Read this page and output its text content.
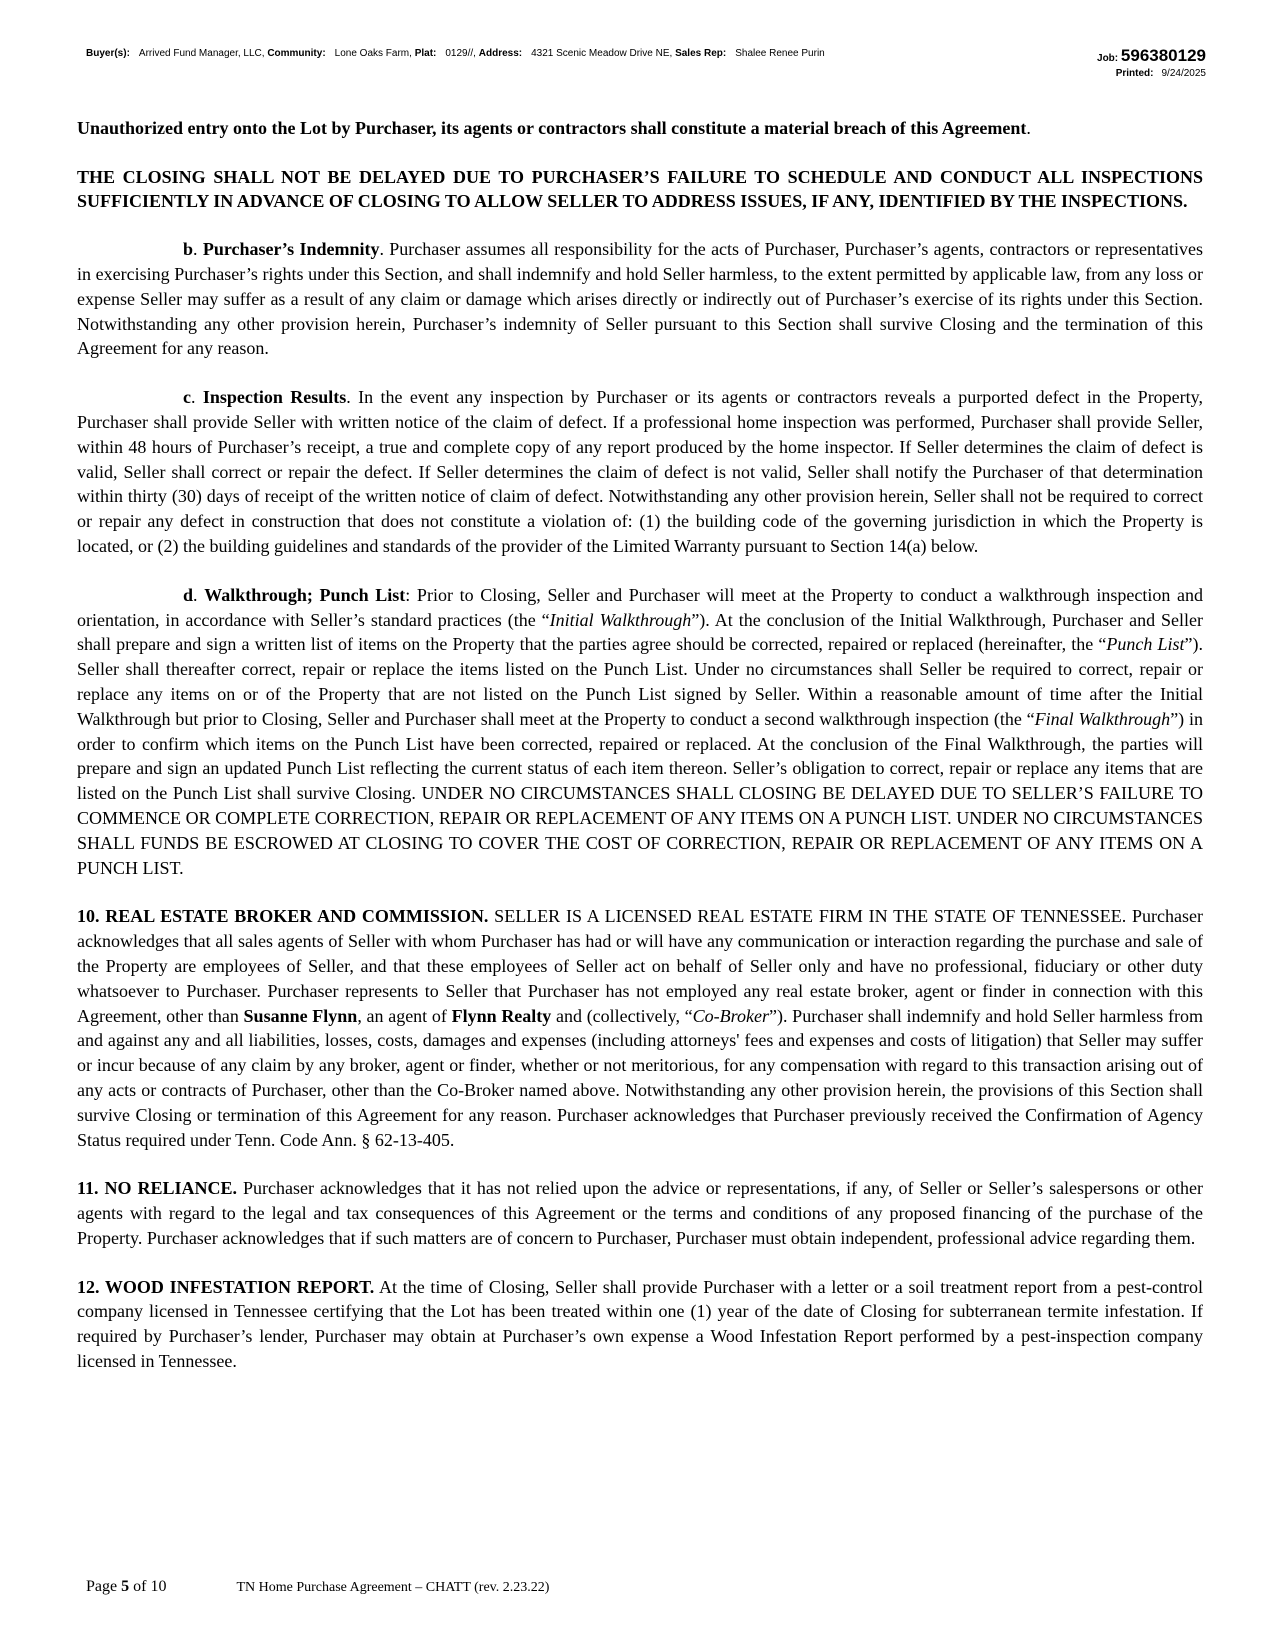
Buyer(s): Arrived Fund Manager, LLC, Community: Lone Oaks Farm, Plat: 0129//, Address: 4321 Scenic Meadow Drive NE, Sales Rep: Shalee Renee Purin	Job: 596380129
Printed: 9/24/2025

Unauthorized entry onto the Lot by Purchaser, its agents or contractors shall constitute a material breach of this Agreement.

THE CLOSING SHALL NOT BE DELAYED DUE TO PURCHASER’S FAILURE TO SCHEDULE AND CONDUCT ALL INSPECTIONS SUFFICIENTLY IN ADVANCE OF CLOSING TO ALLOW SELLER TO ADDRESS ISSUES, IF ANY, IDENTIFIED BY THE INSPECTIONS.

b. Purchaser’s Indemnity. Purchaser assumes all responsibility for the acts of Purchaser, Purchaser’s agents, contractors or representatives in exercising Purchaser’s rights under this Section, and shall indemnify and hold Seller harmless, to the extent permitted by applicable law, from any loss or expense Seller may suffer as a result of any claim or damage which arises directly or indirectly out of Purchaser’s exercise of its rights under this Section. Notwithstanding any other provision herein, Purchaser’s indemnity of Seller pursuant to this Section shall survive Closing and the termination of this Agreement for any reason.

c. Inspection Results. In the event any inspection by Purchaser or its agents or contractors reveals a purported defect in the Property, Purchaser shall provide Seller with written notice of the claim of defect. If a professional home inspection was performed, Purchaser shall provide Seller, within 48 hours of Purchaser’s receipt, a true and complete copy of any report produced by the home inspector. If Seller determines the claim of defect is valid, Seller shall correct or repair the defect. If Seller determines the claim of defect is not valid, Seller shall notify the Purchaser of that determination within thirty (30) days of receipt of the written notice of claim of defect. Notwithstanding any other provision herein, Seller shall not be required to correct or repair any defect in construction that does not constitute a violation of: (1) the building code of the governing jurisdiction in which the Property is located, or (2) the building guidelines and standards of the provider of the Limited Warranty pursuant to Section 14(a) below.

d. Walkthrough; Punch List: Prior to Closing, Seller and Purchaser will meet at the Property to conduct a walkthrough inspection and orientation, in accordance with Seller’s standard practices (the “Initial Walkthrough”). At the conclusion of the Initial Walkthrough, Purchaser and Seller shall prepare and sign a written list of items on the Property that the parties agree should be corrected, repaired or replaced (hereinafter, the “Punch List”). Seller shall thereafter correct, repair or replace the items listed on the Punch List. Under no circumstances shall Seller be required to correct, repair or replace any items on or of the Property that are not listed on the Punch List signed by Seller. Within a reasonable amount of time after the Initial Walkthrough but prior to Closing, Seller and Purchaser shall meet at the Property to conduct a second walkthrough inspection (the “Final Walkthrough”) in order to confirm which items on the Punch List have been corrected, repaired or replaced. At the conclusion of the Final Walkthrough, the parties will prepare and sign an updated Punch List reflecting the current status of each item thereon. Seller’s obligation to correct, repair or replace any items that are listed on the Punch List shall survive Closing. UNDER NO CIRCUMSTANCES SHALL CLOSING BE DELAYED DUE TO SELLER’S FAILURE TO COMMENCE OR COMPLETE CORRECTION, REPAIR OR REPLACEMENT OF ANY ITEMS ON A PUNCH LIST. UNDER NO CIRCUMSTANCES SHALL FUNDS BE ESCROWED AT CLOSING TO COVER THE COST OF CORRECTION, REPAIR OR REPLACEMENT OF ANY ITEMS ON A PUNCH LIST.

10. REAL ESTATE BROKER AND COMMISSION. SELLER IS A LICENSED REAL ESTATE FIRM IN THE STATE OF TENNESSEE. Purchaser acknowledges that all sales agents of Seller with whom Purchaser has had or will have any communication or interaction regarding the purchase and sale of the Property are employees of Seller, and that these employees of Seller act on behalf of Seller only and have no professional, fiduciary or other duty whatsoever to Purchaser. Purchaser represents to Seller that Purchaser has not employed any real estate broker, agent or finder in connection with this Agreement, other than Susanne Flynn, an agent of Flynn Realty and (collectively, “Co-Broker”). Purchaser shall indemnify and hold Seller harmless from and against any and all liabilities, losses, costs, damages and expenses (including attorneys' fees and expenses and costs of litigation) that Seller may suffer or incur because of any claim by any broker, agent or finder, whether or not meritorious, for any compensation with regard to this transaction arising out of any acts or contracts of Purchaser, other than the Co-Broker named above. Notwithstanding any other provision herein, the provisions of this Section shall survive Closing or termination of this Agreement for any reason. Purchaser acknowledges that Purchaser previously received the Confirmation of Agency Status required under Tenn. Code Ann. § 62-13-405.

11. NO RELIANCE. Purchaser acknowledges that it has not relied upon the advice or representations, if any, of Seller or Seller’s salespersons or other agents with regard to the legal and tax consequences of this Agreement or the terms and conditions of any proposed financing of the purchase of the Property. Purchaser acknowledges that if such matters are of concern to Purchaser, Purchaser must obtain independent, professional advice regarding them.

12. WOOD INFESTATION REPORT. At the time of Closing, Seller shall provide Purchaser with a letter or a soil treatment report from a pest-control company licensed in Tennessee certifying that the Lot has been treated within one (1) year of the date of Closing for subterranean termite infestation. If required by Purchaser’s lender, Purchaser may obtain at Purchaser’s own expense a Wood Infestation Report performed by a pest-inspection company licensed in Tennessee.

Page 5 of 10	TN Home Purchase Agreement – CHATT (rev. 2.23.22)
